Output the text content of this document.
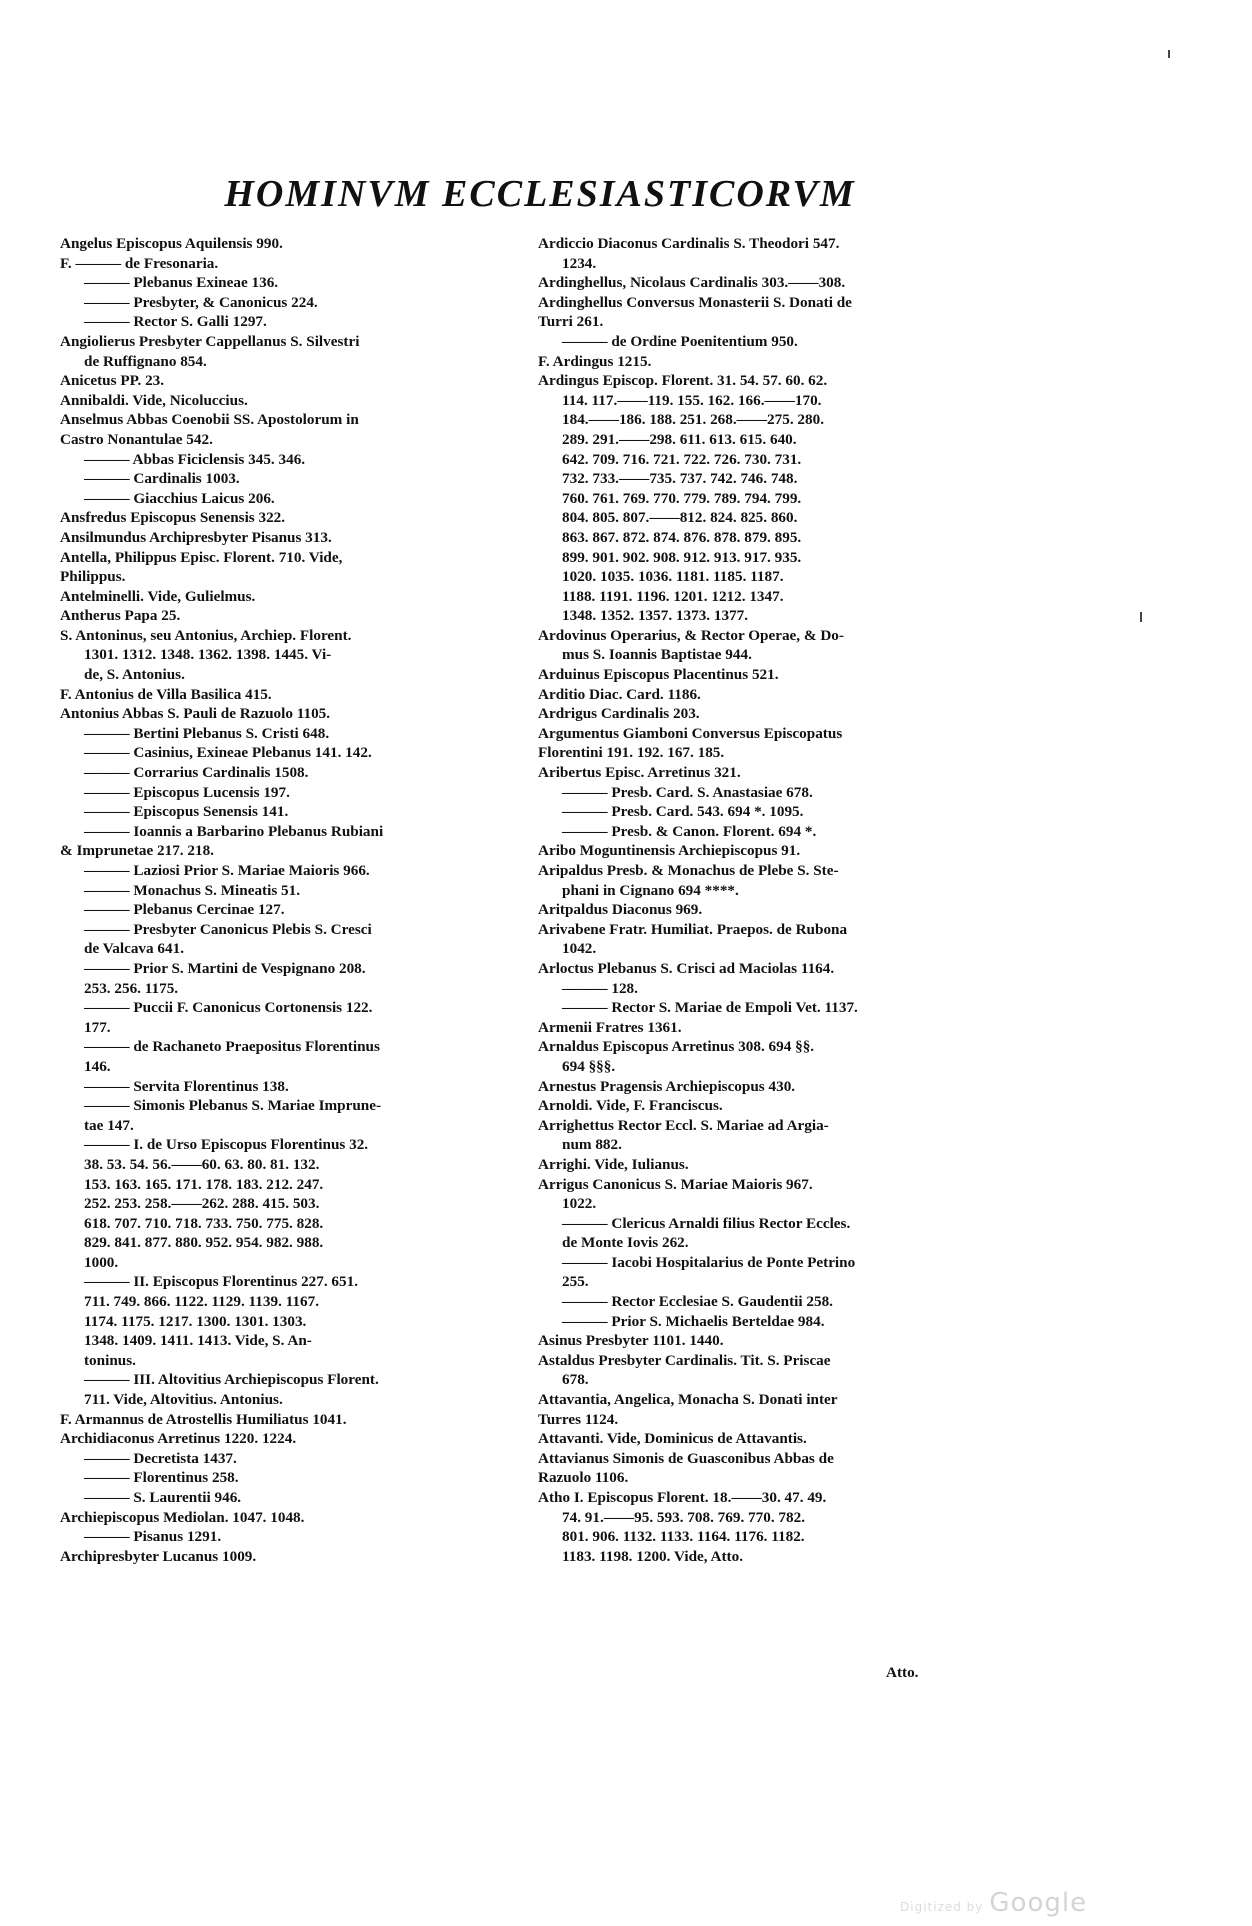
HOMINVM ECCLESIASTICORVM
Angelus Episcopus Aquilensis 990.
F. ——— de Fresonaria.
——— Plebanus Exineae 136.
——— Presbyter, & Canonicus 224.
——— Rector S. Galli 1297.
Angiolierus Presbyter Cappellanus S. Silvestri
de Ruffignano 854.
Anicetus PP. 23.
Annibaldi. Vide, Nicoluccius.
Anselmus Abbas Coenobii SS. Apostolorum in
Castro Nonantulae 542.
——— Abbas Ficiclensis 345. 346.
——— Cardinalis 1003.
——— Giacchius Laicus 206.
Ansfredus Episcopus Senensis 322.
Ansilmundus Archipresbyter Pisanus 313.
Antella, Philippus Episc. Florent. 710. Vide,
Philippus.
Antelminelli. Vide, Gulielmus.
Antherus Papa 25.
S. Antoninus, seu Antonius, Archiep. Florent.
1301. 1312. 1348. 1362. 1398. 1445. Vi-
de, S. Antonius.
F. Antonius de Villa Basilica 415.
Antonius Abbas S. Pauli de Razuolo 1105.
——— Bertini Plebanus S. Cristi 648.
——— Casinius, Exineae Plebanus 141. 142.
——— Corrarius Cardinalis 1508.
——— Episcopus Lucensis 197.
——— Episcopus Senensis 141.
——— Ioannis a Barbarino Plebanus Rubiani
& Imprunetae 217. 218.
——— Laziosi Prior S. Mariae Maioris 966.
——— Monachus S. Mineatis 51.
——— Plebanus Cercinae 127.
——— Presbyter Canonicus Plebis S. Cresci
de Valcava 641.
——— Prior S. Martini de Vespignano 208.
253. 256. 1175.
——— Puccii F. Canonicus Cortonensis 122.
177.
——— de Rachaneto Praepositus Florentinus
146.
——— Servita Florentinus 138.
——— Simonis Plebanus S. Mariae Imprune-
tae 147.
——— I. de Urso Episcopus Florentinus 32.
38. 53. 54. 56.——60. 63. 80. 81. 132.
153. 163. 165. 171. 178. 183. 212. 247.
252. 253. 258.——262. 288. 415. 503.
618. 707. 710. 718. 733. 750. 775. 828.
829. 841. 877. 880. 952. 954. 982. 988.
1000.
——— II. Episcopus Florentinus 227. 651.
711. 749. 866. 1122. 1129. 1139. 1167.
1174. 1175. 1217. 1300. 1301. 1303.
1348. 1409. 1411. 1413. Vide, S. An-
toninus.
——— III. Altovitius Archiepiscopus Florent.
711. Vide, Altovitius. Antonius.
F. Armannus de Atrostellis Humiliatus 1041.
Archidiaconus Arretinus 1220. 1224.
——— Decretista 1437.
——— Florentinus 258.
——— S. Laurentii 946.
Archiepiscopus Mediolan. 1047. 1048.
——— Pisanus 1291.
Archipresbyter Lucanus 1009.
Ardiccio Diaconus Cardinalis S. Theodori 547.
1234.
Ardinghellus, Nicolaus Cardinalis 303.——308.
Ardinghellus Conversus Monasterii S. Donati de
Turri 261.
——— de Ordine Poenitentium 950.
F. Ardingus 1215.
Ardingus Episcop. Florent. 31. 54. 57. 60. 62.
114. 117.——119. 155. 162. 166.——170.
184.——186. 188. 251. 268.——275. 280.
289. 291.——298. 611. 613. 615. 640.
642. 709. 716. 721. 722. 726. 730. 731.
732. 733.——735. 737. 742. 746. 748.
760. 761. 769. 770. 779. 789. 794. 799.
804. 805. 807.——812. 824. 825. 860.
863. 867. 872. 874. 876. 878. 879. 895.
899. 901. 902. 908. 912. 913. 917. 935.
1020. 1035. 1036. 1181. 1185. 1187.
1188. 1191. 1196. 1201. 1212. 1347.
1348. 1352. 1357. 1373. 1377.
Ardovinus Operarius, & Rector Operae, & Do-
mus S. Ioannis Baptistae 944.
Arduinus Episcopus Placentinus 521.
Arditio Diac. Card. 1186.
Ardrigus Cardinalis 203.
Argumentus Giamboni Conversus Episcopatus
Florentini 191. 192. 167. 185.
Aribertus Episc. Arretinus 321.
——— Presb. Card. S. Anastasiae 678.
——— Presb. Card. 543. 694 *. 1095.
——— Presb. & Canon. Florent. 694 *.
Aribo Moguntinensis Archiepiscopus 91.
Aripaldus Presb. & Monachus de Plebe S. Ste-
phani in Cignano 694 ****.
Aritpaldus Diaconus 969.
Arivabene Fratr. Humiliat. Praepos. de Rubona
1042.
Arloctus Plebanus S. Crisci ad Maciolas 1164.
——— 128.
——— Rector S. Mariae de Empoli Vet. 1137.
Armenii Fratres 1361.
Arnaldus Episcopus Arretinus 308. 694 §§.
694 §§§.
Arnestus Pragensis Archiepiscopus 430.
Arnoldi. Vide, F. Franciscus.
Arrighettus Rector Eccl. S. Mariae ad Argia-
num 882.
Arrighi. Vide, Iulianus.
Arrigus Canonicus S. Mariae Maioris 967.
1022.
——— Clericus Arnaldi filius Rector Eccles.
de Monte Iovis 262.
——— Iacobi Hospitalarius de Ponte Petrino
255.
——— Rector Ecclesiae S. Gaudentii 258.
——— Prior S. Michaelis Berteldae 984.
Asinus Presbyter 1101. 1440.
Astaldus Presbyter Cardinalis. Tit. S. Priscae
678.
Attavantia, Angelica, Monacha S. Donati inter
Turres 1124.
Attavanti. Vide, Dominicus de Attavantis.
Attavianus Simonis de Guasconibus Abbas de
Razuolo 1106.
Atho I. Episcopus Florent. 18.——30. 47. 49.
74. 91.——95. 593. 708. 769. 770. 782.
801. 906. 1132. 1133. 1164. 1176. 1182.
1183. 1198. 1200. Vide, Atto.
Atto.
Digitized by Google
